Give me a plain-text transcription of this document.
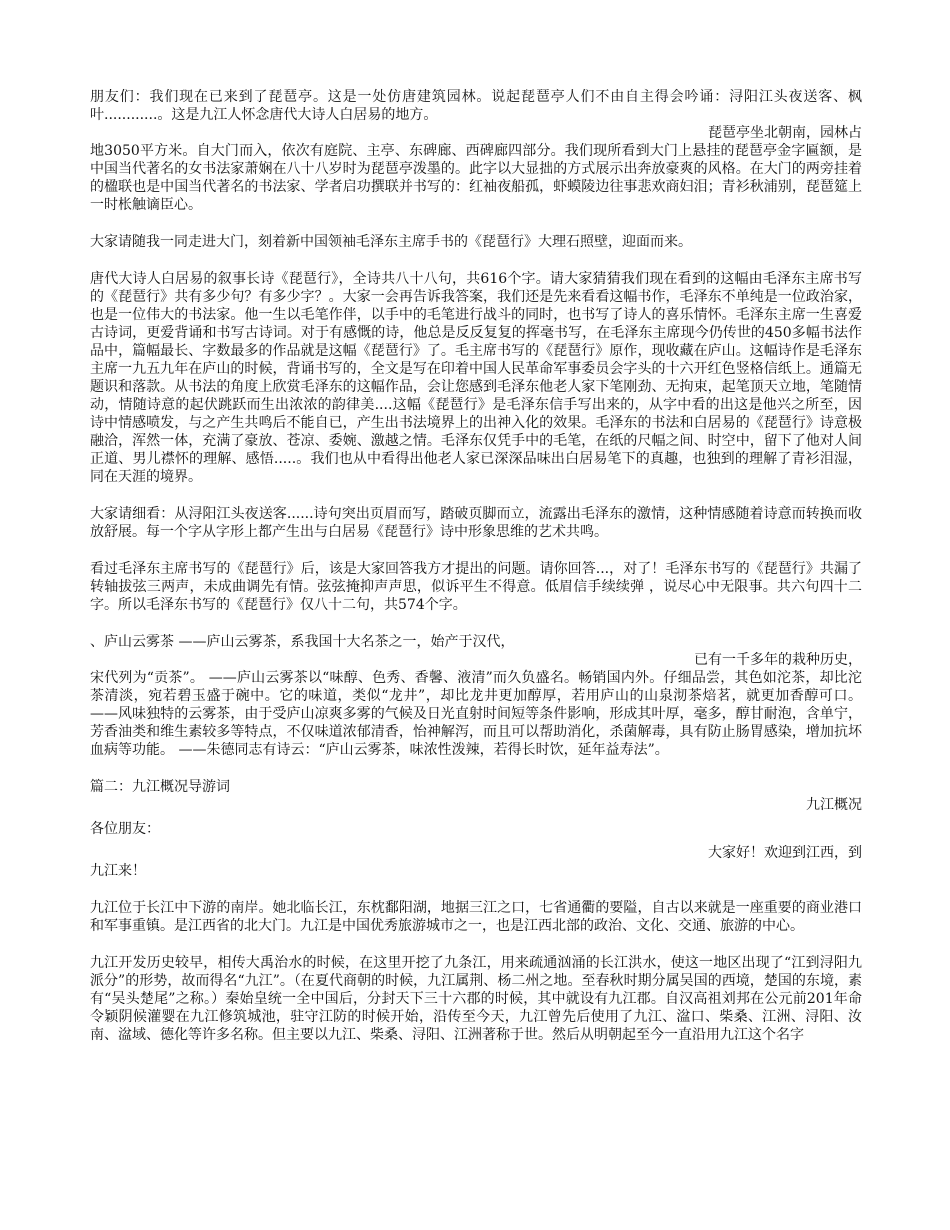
朋友们：我们现在已来到了琵琶亭。这是一处仿唐建筑园林。说起琵琶亭人们不由自主得会吟诵：浔阳江头夜送客、枫叶............。这是九江人怀念唐代大诗人白居易的地方。
琵琶亭坐北朝南，园林占
地3050平方米。自大门而入，依次有庭院、主亭、东碑廊、西碑廊四部分。我们现所看到大门上悬挂的琵琶亭金字匾额，是中国当代著名的女书法家萧娴在八十八岁时为琵琶亭泼墨的。此字以大显拙的方式展示出奔放豪爽的风格。在大门的两旁挂着的楹联也是中国当代著名的书法家、学者启功撰联并书写的：红袖夜船孤，虾蟆陵边往事悲欢商妇泪；青衫秋浦别，琵琶筵上一时枨触谪臣心。

大家请随我一同走进大门，刻着新中国领袖毛泽东主席手书的《琵琶行》大理石照壁，迎面而来。

唐代大诗人白居易的叙事长诗《琵琶行》，全诗共八十八句，共616个字。请大家猜猜我们现在看到的这幅由毛泽东主席书写的《琵琶行》共有多少句？有多少字？。大家一会再告诉我答案，我们还是先来看看这幅书作，毛泽东不单纯是一位政治家，也是一位伟大的书法家。他一生以毛笔作伴，以手中的毛笔进行战斗的同时，也书写了诗人的喜乐情怀。毛泽东主席一生喜爱古诗词，更爱背诵和书写古诗词。对于有感慨的诗，他总是反反复复的挥毫书写，在毛泽东主席现今仍传世的450多幅书法作品中，篇幅最长、字数最多的作品就是这幅《琵琶行》了。毛主席书写的《琵琶行》原作，现收藏在庐山。这幅诗作是毛泽东主席一九五九年在庐山的时候，背诵书写的，全文是写在印着中国人民革命军事委员会字头的十六开红色竖格信纸上。通篇无题识和落款。从书法的角度上欣赏毛泽东的这幅作品，会让您感到毛泽东他老人家下笔刚劲、无拘束，起笔顶天立地，笔随情动，情随诗意的起伏跳跃而生出浓浓的韵律美....这幅《琵琶行》是毛泽东信手写出来的，从字中看的出这是他兴之所至，因诗中情感喷发，与之产生共鸣后不能自已，产生出书法境界上的出神入化的效果。毛泽东的书法和白居易的《琵琶行》诗意极融洽，浑然一体，充满了豪放、苍凉、委婉、激越之情。毛泽东仅凭手中的毛笔，在纸的尺幅之间、时空中，留下了他对人间正道、男儿襟怀的理解、感悟.....。我们也从中看得出他老人家已深深品味出白居易笔下的真趣，也独到的理解了青衫泪湿，同在天涯的境界。

大家请细看：从浔阳江头夜送客......诗句突出页眉而写，踏破页脚而立，流露出毛泽东的激情，这种情感随着诗意而转换而收放舒展。每一个字从字形上都产生出与白居易《琵琶行》诗中形象思维的艺术共鸣。

看过毛泽东主席书写的《琵琶行》后，该是大家回答我方才提出的问题。请你回答...，对了！毛泽东书写的《琵琶行》共漏了转轴拔弦三两声，未成曲调先有情。弦弦掩抑声声思，似诉平生不得意。低眉信手续续弹 ，说尽心中无限事。共六句四十二字。所以毛泽东书写的《琵琶行》仅八十二句，共574个字。

、庐山云雾茶 ——庐山云雾茶，系我国十大名茶之一，始产于汉代，
已有一千多年的栽种历史，
宋代列为“贡茶”。 ——庐山云雾茶以“味醇、色秀、香馨、液清”而久负盛名。畅销国内外。仔细品尝，其色如沱茶，却比沱茶清淡，宛若碧玉盛于碗中。它的味道，类似“龙井”，却比龙井更加醇厚，若用庐山的山泉沏茶焙茗，就更加香醇可口。 ——风味独特的云雾茶，由于受庐山凉爽多雾的气候及日光直射时间短等条件影响，形成其叶厚，毫多，醇甘耐泡，含单宁，芳香油类和维生素较多等特点，不仅味道浓郁清香，怡神解泻，而且可以帮助消化，杀菌解毒，具有防止肠胃感染，增加抗坏血病等功能。 ——朱德同志有诗云：“庐山云雾茶，味浓性泼辣，若得长时饮，延年益寿法”。

篇二：九江概况导游词
九江概况

各位朋友：

大家好！欢迎到江西，到
九江来！

九江位于长江中下游的南岸。她北临长江，东枕鄱阳湖，地据三江之口，七省通衢的要隘，自古以来就是一座重要的商业港口和军事重镇。是江西省的北大门。九江是中国优秀旅游城市之一，也是江西北部的政治、文化、交通、旅游的中心。

九江开发历史较早，相传大禹治水的时候，在这里开挖了九条江，用来疏通汹涌的长江洪水，使这一地区出现了“江到浔阳九派分”的形势，故而得名“九江”。（在夏代商朝的时候，九江属荆、杨二州之地。至春秋时期分属吴国的西境，楚国的东境，素有“吴头楚尾”之称。）秦始皇统一全中国后，分封天下三十六郡的时候，其中就设有九江郡。自汉高祖刘邦在公元前201年命令颖阴候灌婴在九江修筑城池，驻守江防的时候开始，沿传至今天，九江曾先后使用了九江、湓口、柴桑、江洲、浔阳、汝南、湓域、德化等许多名称。但主要以九江、柴桑、浔阳、江洲著称于世。然后从明朝起至今一直沿用九江这个名字
